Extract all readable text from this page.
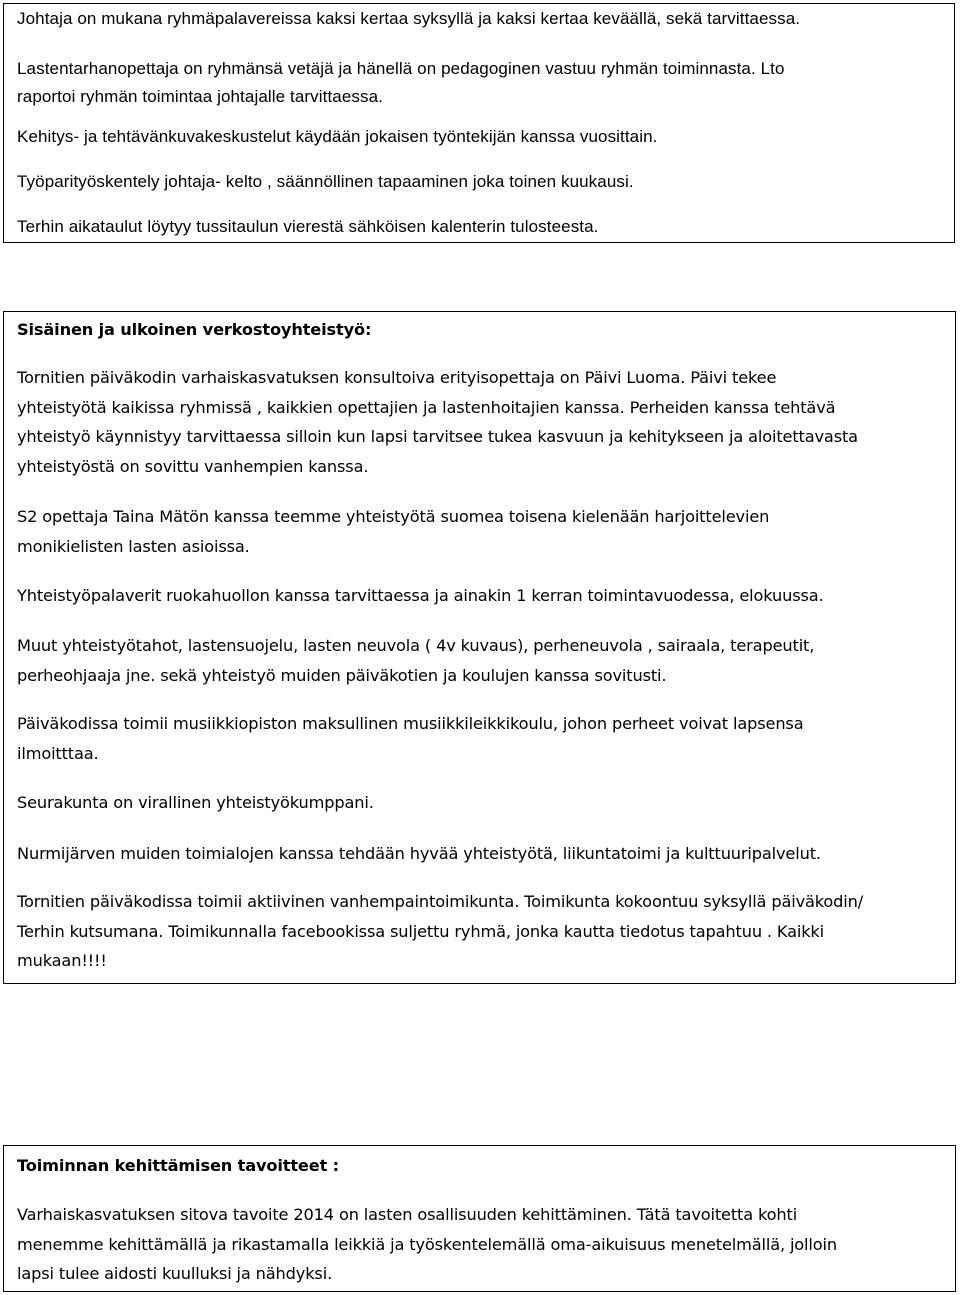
Johtaja on mukana ryhmäpalavereissa kaksi kertaa syksyllä ja kaksi kertaa keväällä, sekä tarvittaessa.

Lastentarhanopettaja on ryhmänsä vetäjä ja hänellä on pedagoginen vastuu ryhmän toiminnasta. Lto
raportoi ryhmän toimintaa johtajalle tarvittaessa.

Kehitys- ja tehtävänkuvakeskustelut käydään jokaisen työntekijän kanssa vuosittain.

Työparityöskentely johtaja- kelto , säännöllinen tapaaminen joka toinen kuukausi.

Terhin aikataulut löytyy tussitaulun vierestä sähköisen kalenterin tulosteesta.

Sisäinen ja ulkoinen verkostoyhteistyö:

Tornitien päiväkodin varhaiskasvatuksen konsultoiva erityisopettaja on Päivi Luoma. Päivi tekee
yhteistyötä kaikissa ryhmissä , kaikkien opettajien ja lastenhoitajien kanssa. Perheiden kanssa tehtävä
yhteistyö käynnistyy tarvittaessa silloin kun lapsi tarvitsee tukea kasvuun ja kehitykseen ja aloitettavasta
yhteistyöstä on sovittu vanhempien kanssa.

S2 opettaja Taina Mätön kanssa teemme yhteistyötä suomea toisena kielenään harjoittelevien
monikielisten lasten asioissa.

Yhteistyöpalaverit ruokahuollon kanssa tarvittaessa ja ainakin 1 kerran toimintavuodessa, elokuussa.

Muut yhteistyötahot, lastensuojelu, lasten neuvola ( 4v kuvaus), perheneuvola , sairaala, terapeutit,
perheohjaaja jne. sekä yhteistyö muiden päiväkotien ja koulujen kanssa sovitusti.

Päiväkodissa toimii musiikkiopiston maksullinen musiikkileikkikoulu, johon perheet voivat lapsensa
ilmoitttaa.

Seurakunta on virallinen yhteistyökumppani.

Nurmijärven muiden toimialojen kanssa tehdään hyvää yhteistyötä, liikuntatoimi ja kulttuuripalvelut.

Tornitien päiväkodissa toimii aktiivinen vanhempaintoimikunta. Toimikunta kokoontuu syksyllä päiväkodin/
Terhin kutsumana. Toimikunnalla facebookissa suljettu ryhmä, jonka kautta tiedotus tapahtuu . Kaikki
mukaan!!!!

Toiminnan kehittämisen tavoitteet :

Varhaiskasvatuksen sitova tavoite 2014 on lasten osallisuuden kehittäminen. Tätä tavoitetta kohti
menemme kehittämällä ja rikastamalla leikkiä ja työskentelemällä oma-aikuisuus menetelmällä, jolloin
lapsi tulee aidosti kuulluksi ja nähdyksi.
